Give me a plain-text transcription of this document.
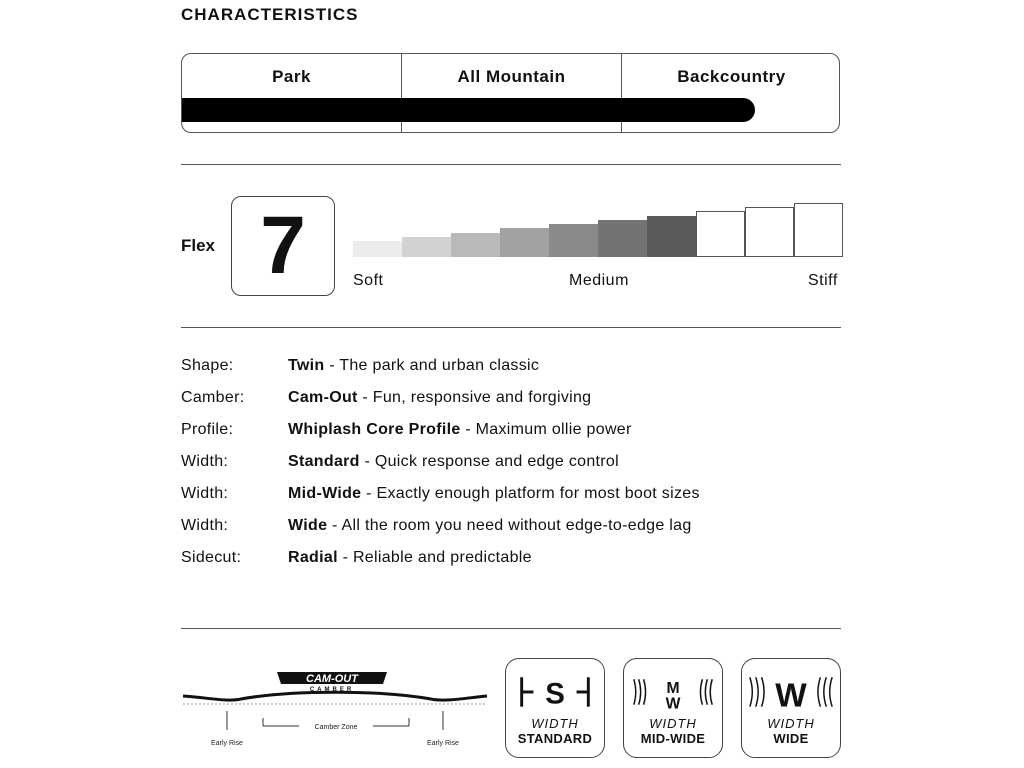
CHARACTERISTICS
Park	All Mountain	Backcountry
Flex 7	Soft	Medium	Stiff
Shape:	Twin - The park and urban classic
Camber:	Cam-Out - Fun, responsive and forgiving
Profile:	Whiplash Core Profile - Maximum ollie power
Width:	Standard - Quick response and edge control
Width:	Mid-Wide - Exactly enough platform for most boot sizes
Width:	Wide - All the room you need without edge-to-edge lag
Sidecut:	Radial - Reliable and predictable
CAM-OUT
CAMBER
Camber Zone
Early Rise	Early Rise
S
WIDTH
STANDARD
M
W
WIDTH
MID-WIDE
W
WIDTH
WIDE
